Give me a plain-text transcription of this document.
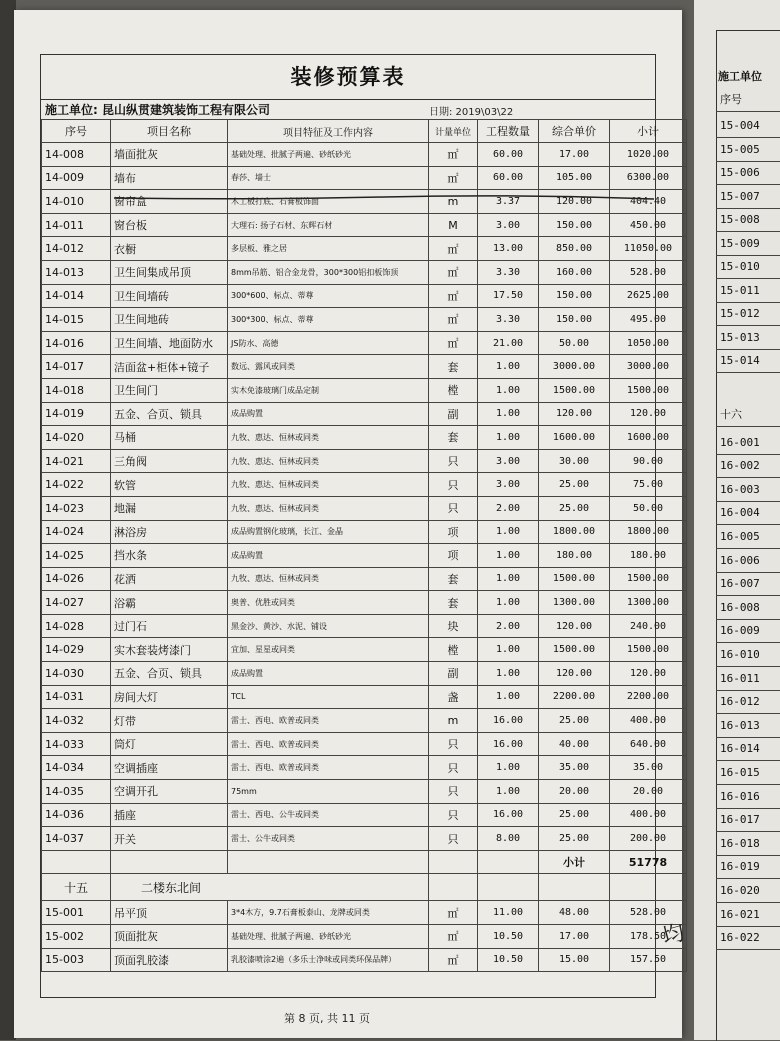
施工单位
序号
15-004
15-005
15-006
15-007
15-008
15-009
15-010
15-011
15-012
15-013
15-014
十六
16-001
16-002
16-003
16-004
16-005
16-006
16-007
16-008
16-009
16-010
16-011
16-012
16-013
16-014
16-015
16-016
16-017
16-018
16-019
16-020
16-021
16-022
装修预算表
施工单位: 昆山纵贯建筑装饰工程有限公司	日期: 2019\03\22
序号	项目名称	项目特征及工作内容	计量单位	工程数量	综合单价	小计
14-008	墙面批灰	基础处理、批腻子两遍、砂纸砂光	㎡	60.00	17.00	1020.00
14-009	墙布	春莎、墙士	㎡	60.00	105.00	6300.00
14-010	窗帘盒	木工板打底、石膏板饰面	m	3.37	120.00	404.40
14-011	窗台板	大理石: 扬子石材、东辉石材	M	3.00	150.00	450.00
14-012	衣橱	多层板、雅之居	㎡	13.00	850.00	11050.00
14-013	卫生间集成吊顶	8mm吊筋、铝合金龙骨，300*300铝扣板饰顶	㎡	3.30	160.00	528.00
14-014	卫生间墙砖	300*600、标点、蒂尊	㎡	17.50	150.00	2625.00
14-015	卫生间地砖	300*300、标点、蒂尊	㎡	3.30	150.00	495.00
14-016	卫生间墙、地面防水	JS防水、高德	㎡	21.00	50.00	1050.00
14-017	洁面盆+柜体+镜子	数远、露风或同类	套	1.00	3000.00	3000.00
14-018	卫生间门	实木免漆玻璃门成品定制	樘	1.00	1500.00	1500.00
14-019	五金、合页、锁具	成品购置	副	1.00	120.00	120.00
14-020	马桶	九牧、惠达、恒林或同类	套	1.00	1600.00	1600.00
14-021	三角阀	九牧、惠达、恒林或同类	只	3.00	30.00	90.00
14-022	软管	九牧、惠达、恒林或同类	只	3.00	25.00	75.00
14-023	地漏	九牧、惠达、恒林或同类	只	2.00	25.00	50.00
14-024	淋浴房	成品购置钢化玻璃，长江、金晶	项	1.00	1800.00	1800.00
14-025	挡水条	成品购置	项	1.00	180.00	180.00
14-026	花洒	九牧、惠达、恒林或同类	套	1.00	1500.00	1500.00
14-027	浴霸	奥普、优胜或同类	套	1.00	1300.00	1300.00
14-028	过门石	黑金沙、黄沙、水泥、铺设	块	2.00	120.00	240.00
14-029	实木套装烤漆门	宜加、星星或同类	樘	1.00	1500.00	1500.00
14-030	五金、合页、锁具	成品购置	副	1.00	120.00	120.00
14-031	房间大灯	TCL	盏	1.00	2200.00	2200.00
14-032	灯带	雷士、西电、欧普或同类	m	16.00	25.00	400.00
14-033	筒灯	雷士、西电、欧普或同类	只	16.00	40.00	640.00
14-034	空调插座	雷士、西电、欧普或同类	只	1.00	35.00	35.00
14-035	空调开孔	75mm	只	1.00	20.00	20.00
14-036	插座	雷士、西电、公牛或同类	只	16.00	25.00	400.00
14-037	开关	雷士、公牛或同类	只	8.00	25.00	200.00
					小计	51778
十五	二楼东北间					
15-001	吊平顶	3*4木方，9.7石膏板泰山、龙牌或同类	㎡	11.00	48.00	528.00
15-002	顶面批灰	基础处理、批腻子两遍、砂纸砂光	㎡	10.50	17.00	178.50
15-003	顶面乳胶漆	乳胶漆喷涂2遍（多乐士净味或同类环保品牌）	㎡	10.50	15.00	157.50
均
第 8 页, 共 11 页
